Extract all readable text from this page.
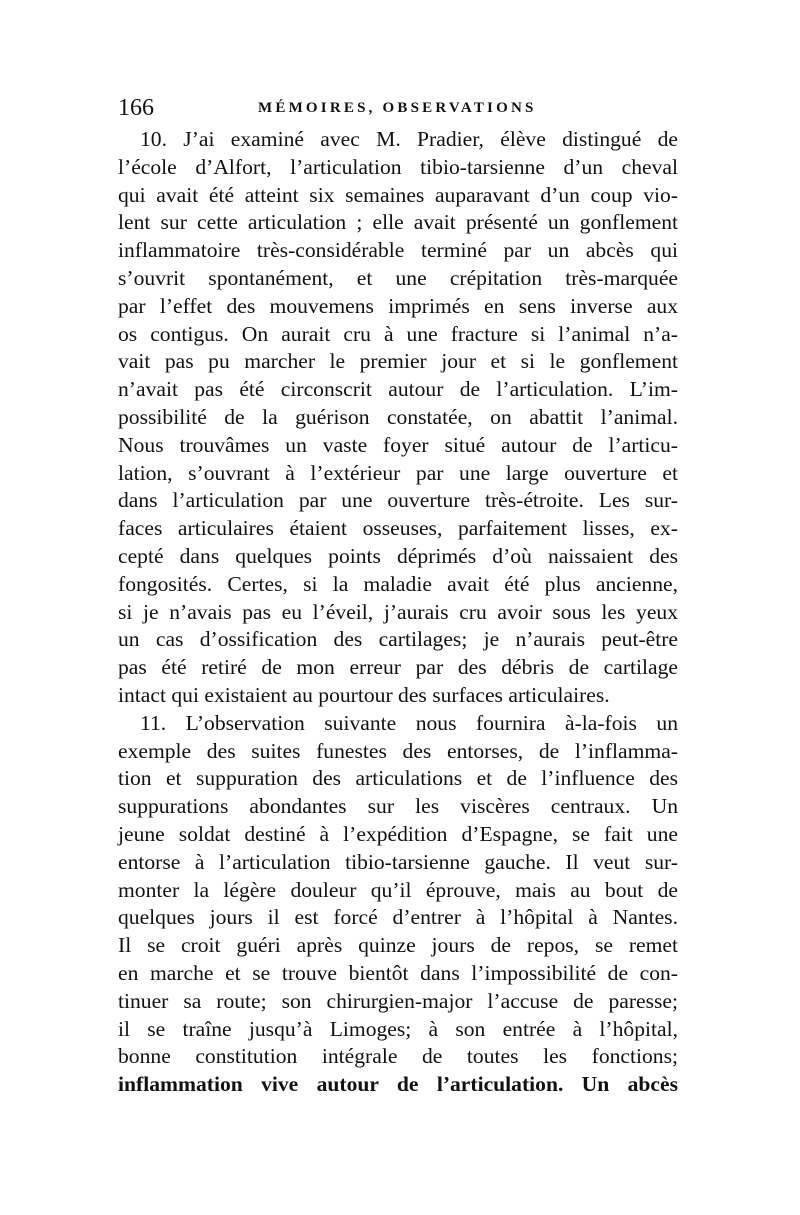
166	MÉMOIRES, OBSERVATIONS
10. J’ai examiné avec M. Pradier, élève distingué de
l’école d’Alfort, l’articulation tibio-tarsienne d’un cheval
qui avait été atteint six semaines auparavant d’un coup vio-
lent sur cette articulation ; elle avait présenté un gonflement
inflammatoire très-considérable terminé par un abcès qui
s’ouvrit spontanément, et une crépitation très-marquée
par l’effet des mouvemens imprimés en sens inverse aux
os contigus. On aurait cru à une fracture si l’animal n’a-
vait pas pu marcher le premier jour et si le gonflement
n’avait pas été circonscrit autour de l’articulation. L’im-
possibilité de la guérison constatée, on abattit l’animal.
Nous trouvâmes un vaste foyer situé autour de l’articu-
lation, s’ouvrant à l’extérieur par une large ouverture et
dans l’articulation par une ouverture très-étroite. Les sur-
faces articulaires étaient osseuses, parfaitement lisses, ex-
cepté dans quelques points déprimés d’où naissaient des
fongosités. Certes, si la maladie avait été plus ancienne,
si je n’avais pas eu l’éveil, j’aurais cru avoir sous les yeux
un cas d’ossification des cartilages; je n’aurais peut-être
pas été retiré de mon erreur par des débris de cartilage
intact qui existaient au pourtour des surfaces articulaires.
11. L’observation suivante nous fournira à-la-fois un
exemple des suites funestes des entorses, de l’inflamma-
tion et suppuration des articulations et de l’influence des
suppurations abondantes sur les viscères centraux. Un
jeune soldat destiné à l’expédition d’Espagne, se fait une
entorse à l’articulation tibio-tarsienne gauche. Il veut sur-
monter la légère douleur qu’il éprouve, mais au bout de
quelques jours il est forcé d’entrer à l’hôpital à Nantes.
Il se croit guéri après quinze jours de repos, se remet
en marche et se trouve bientôt dans l’impossibilité de con-
tinuer sa route; son chirurgien-major l’accuse de paresse;
il se traîne jusqu’à Limoges; à son entrée à l’hôpital,
bonne constitution intégrale de toutes les fonctions;
inflammation vive autour de l’articulation. Un abcès
